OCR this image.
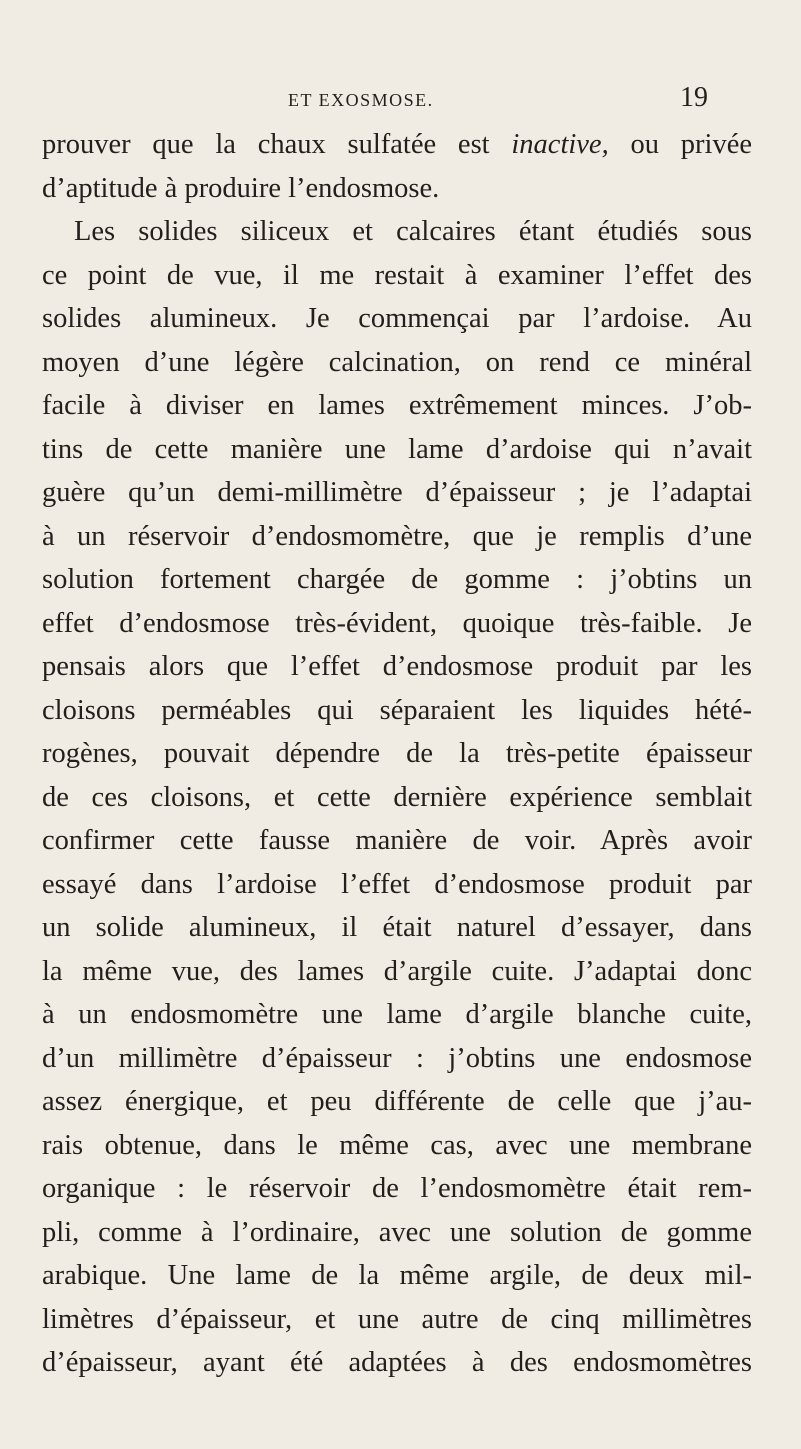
ET EXOSMOSE.	19
prouver que la chaux sulfatée est inactive, ou privée
d’aptitude à produire l’endosmose.
Les solides siliceux et calcaires étant étudiés sous
ce point de vue, il me restait à examiner l’effet des
solides alumineux. Je commençai par l’ardoise. Au
moyen d’une légère calcination, on rend ce minéral
facile à diviser en lames extrêmement minces. J’ob-
tins de cette manière une lame d’ardoise qui n’avait
guère qu’un demi-millimètre d’épaisseur ; je l’adaptai
à un réservoir d’endosmomètre, que je remplis d’une
solution fortement chargée de gomme : j’obtins un
effet d’endosmose très-évident, quoique très-faible. Je
pensais alors que l’effet d’endosmose produit par les
cloisons perméables qui séparaient les liquides hété-
rogènes, pouvait dépendre de la très-petite épaisseur
de ces cloisons, et cette dernière expérience semblait
confirmer cette fausse manière de voir. Après avoir
essayé dans l’ardoise l’effet d’endosmose produit par
un solide alumineux, il était naturel d’essayer, dans
la même vue, des lames d’argile cuite. J’adaptai donc
à un endosmomètre une lame d’argile blanche cuite,
d’un millimètre d’épaisseur : j’obtins une endosmose
assez énergique, et peu différente de celle que j’au-
rais obtenue, dans le même cas, avec une membrane
organique : le réservoir de l’endosmomètre était rem-
pli, comme à l’ordinaire, avec une solution de gomme
arabique. Une lame de la même argile, de deux mil-
limètres d’épaisseur, et une autre de cinq millimètres
d’épaisseur, ayant été adaptées à des endosmomètres
